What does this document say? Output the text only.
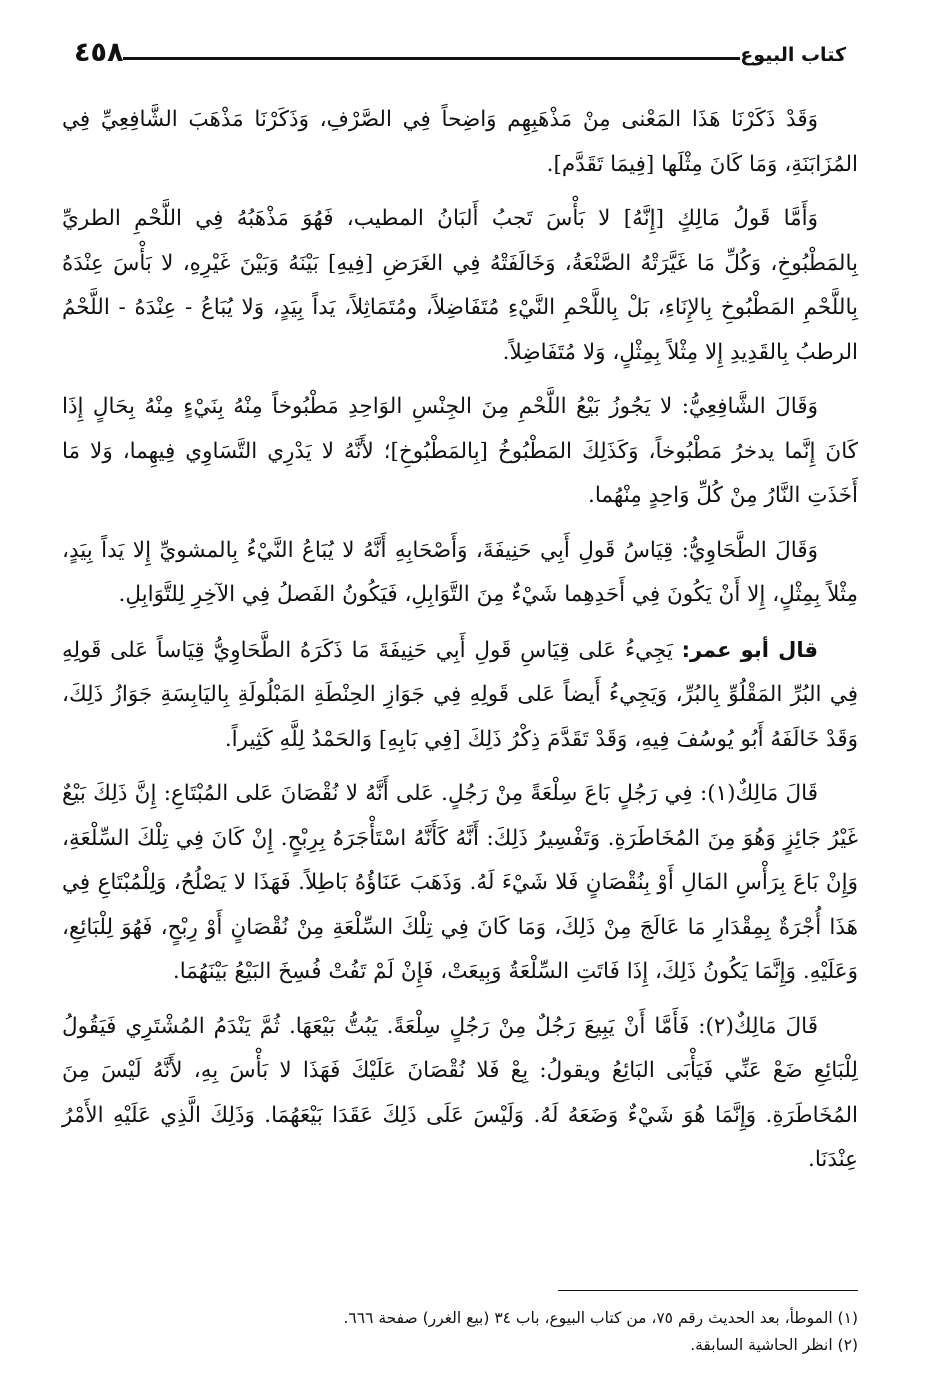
كتاب البيوع
٤٥٨

وَقَدْ ذَكَرْنَا هَذَا المَعْنى مِنْ مَذْهَبِهِم وَاضِحاً فِي الصَّرْفِ، وَذَكَرْنَا مَذْهَبَ الشَّافِعِيِّ فِي المُزَابَنَةِ، وَمَا كَانَ مِثْلَها [فِيمَا تَقَدَّم].

وَأَمَّا قَولُ مَالِكٍ [إِنَّهُ] لا بَأْسَ تَجبُ أَلبَانُ المطيب، فَهُوَ مَذْهَبُهُ فِي اللَّحْمِ الطريِّ بِالمَطْبُوخِ، وَكُلِّ مَا غَيَّرَتْهُ الصَّنْعَةُ، وَخَالَفَتْهُ فِي الغَرَضِ [فِيهِ] بَيْنَهُ وَبَيْنَ غَيْرِهِ، لا بَأْسَ عِنْدَهُ بِاللَّحْمِ المَطْبُوخِ بِالإِنَاءِ، بَلْ بِاللَّحْمِ النَّيْءِ مُتَفَاضِلاً، ومُتَمَاثِلاً، يَداً بِيَدٍ، وَلا يُبَاعُ - عِنْدَهُ - اللَّحْمُ الرطبُ بِالقَدِيدِ إِلا مِثْلاً بِمِثْلٍ، وَلا مُتَفَاضِلاً.

وَقَالَ الشَّافِعِيُّ: لا يَجُوزُ بَيْعُ اللَّحْمِ مِنَ الجِنْسِ الوَاحِدِ مَطْبُوخاً مِنْهُ بِنَيْءٍ مِنْهُ بِحَالٍ إِذَا كَانَ إِنَّما يدخرُ مَطْبُوخاً، وَكَذَلِكَ المَطْبُوخُ [بِالمَطْبُوخِ]؛ لأَنَّهُ لا يَدْرِي التَّسَاوِي فِيهِما، وَلا مَا أَخَذَتِ النَّارُ مِنْ كُلِّ وَاحِدٍ مِنْهُما.

وَقَالَ الطَّحَاوِيُّ: قِيَاسُ قَولِ أَبِي حَنِيفَةَ، وَأَصْحَابِهِ أَنَّهُ لا يُبَاعُ النَّيْءُ بِالمشويِّ إِلا يَداً بِيَدٍ، مِثْلاً بِمِثْلٍ، إِلا أَنْ يَكُونَ فِي أَحَدِهِما شَيْءٌ مِنَ التَّوَابِلِ، فَيَكُونُ الفَصلُ فِي الآخِرِ لِلتَّوَابِلِ.

قال أبو عمر: يَجِيءُ عَلى قِيَاسِ قَولِ أَبِي حَنِيفَةَ مَا ذَكَرَهُ الطَّحَاوِيُّ قِيَاساً عَلى قَولِهِ فِي البُرِّ المَقْلُوِّ بِالبُرِّ، وَيَجِيءُ أَيضاً عَلى قَولِهِ فِي جَوَازِ الحِنْطَةِ المَبْلُولَةِ بِاليَابِسَةِ جَوَازُ ذَلِكَ، وَقَدْ خَالَفَهُ أَبُو يُوسُفَ فِيهِ، وَقَدْ تَقَدَّمَ ذِكْرُ ذَلِكَ [فِي بَابِهِ] وَالحَمْدُ لِلَّهِ كَثِيراً.

قَالَ مَالِكٌ(١): فِي رَجُلٍ بَاعَ سِلْعَةً مِنْ رَجُلٍ. عَلى أَنَّهُ لا نُقْصَانَ عَلى المُبْتَاعِ: إِنَّ ذَلِكَ بَيْعٌ غَيْرُ جَائِزٍ وَهُوَ مِنَ المُخَاطَرَةِ. وَتَفْسِيرُ ذَلِكَ: أَنَّهُ كَأَنَّهُ اسْتَأْجَرَهُ بِرِبْحٍ. إِنْ كَانَ فِي تِلْكَ السِّلْعَةِ، وَإِنْ بَاعَ بِرَأْسِ المَالِ أَوْ بِنُقْصَانٍ فَلا شَيْءَ لَهُ. وَذَهَبَ عَنَاؤُهُ بَاطِلاً. فَهَذَا لا يَصْلُحُ، وَلِلْمُبْتَاعِ فِي هَذَا أُجْرَةٌ بِمِقْدَارِ مَا عَالَجَ مِنْ ذَلِكَ، وَمَا كَانَ فِي تِلْكَ السِّلْعَةِ مِنْ نُقْصَانٍ أَوْ رِبْحٍ، فَهُوَ لِلْبَائِعِ، وَعَلَيْهِ. وَإِنَّمَا يَكُونُ ذَلِكَ، إِذَا فَاتَتِ السِّلْعَةُ وَبِيعَتْ، فَإِنْ لَمْ تَفُتْ فُسِخَ البَيْعُ بَيْنَهُمَا.

قَالَ مَالِكٌ(٢): فَأَمَّا أَنْ يَبِيعَ رَجُلٌ مِنْ رَجُلٍ سِلْعَةً. يَبُتُّ بَيْعَهَا. ثُمَّ يَنْدَمُ المُشْتَرِي فَيَقُولُ لِلْبَائِعِ ضَعْ عَنِّي فَيَأْبَى البَائِعُ ويقولُ: بِعْ فَلا نُقْصَانَ عَلَيْكَ فَهَذَا لا بَأْسَ بِهِ، لأَنَّهُ لَيْسَ مِنَ المُخَاطَرَةِ. وَإِنَّمَا هُوَ شَيْءٌ وَضَعَهُ لَهُ. وَلَيْسَ عَلَى ذَلِكَ عَقَدَا بَيْعَهُمَا. وَذَلِكَ الَّذِي عَلَيْهِ الأَمْرُ عِنْدَنَا.

(١) الموطأ، بعد الحديث رقم ٧٥، من كتاب البيوع، باب ٣٤ (بيع الغرر) صفحة ٦٦٦.

(٢) انظر الحاشية السابقة.
